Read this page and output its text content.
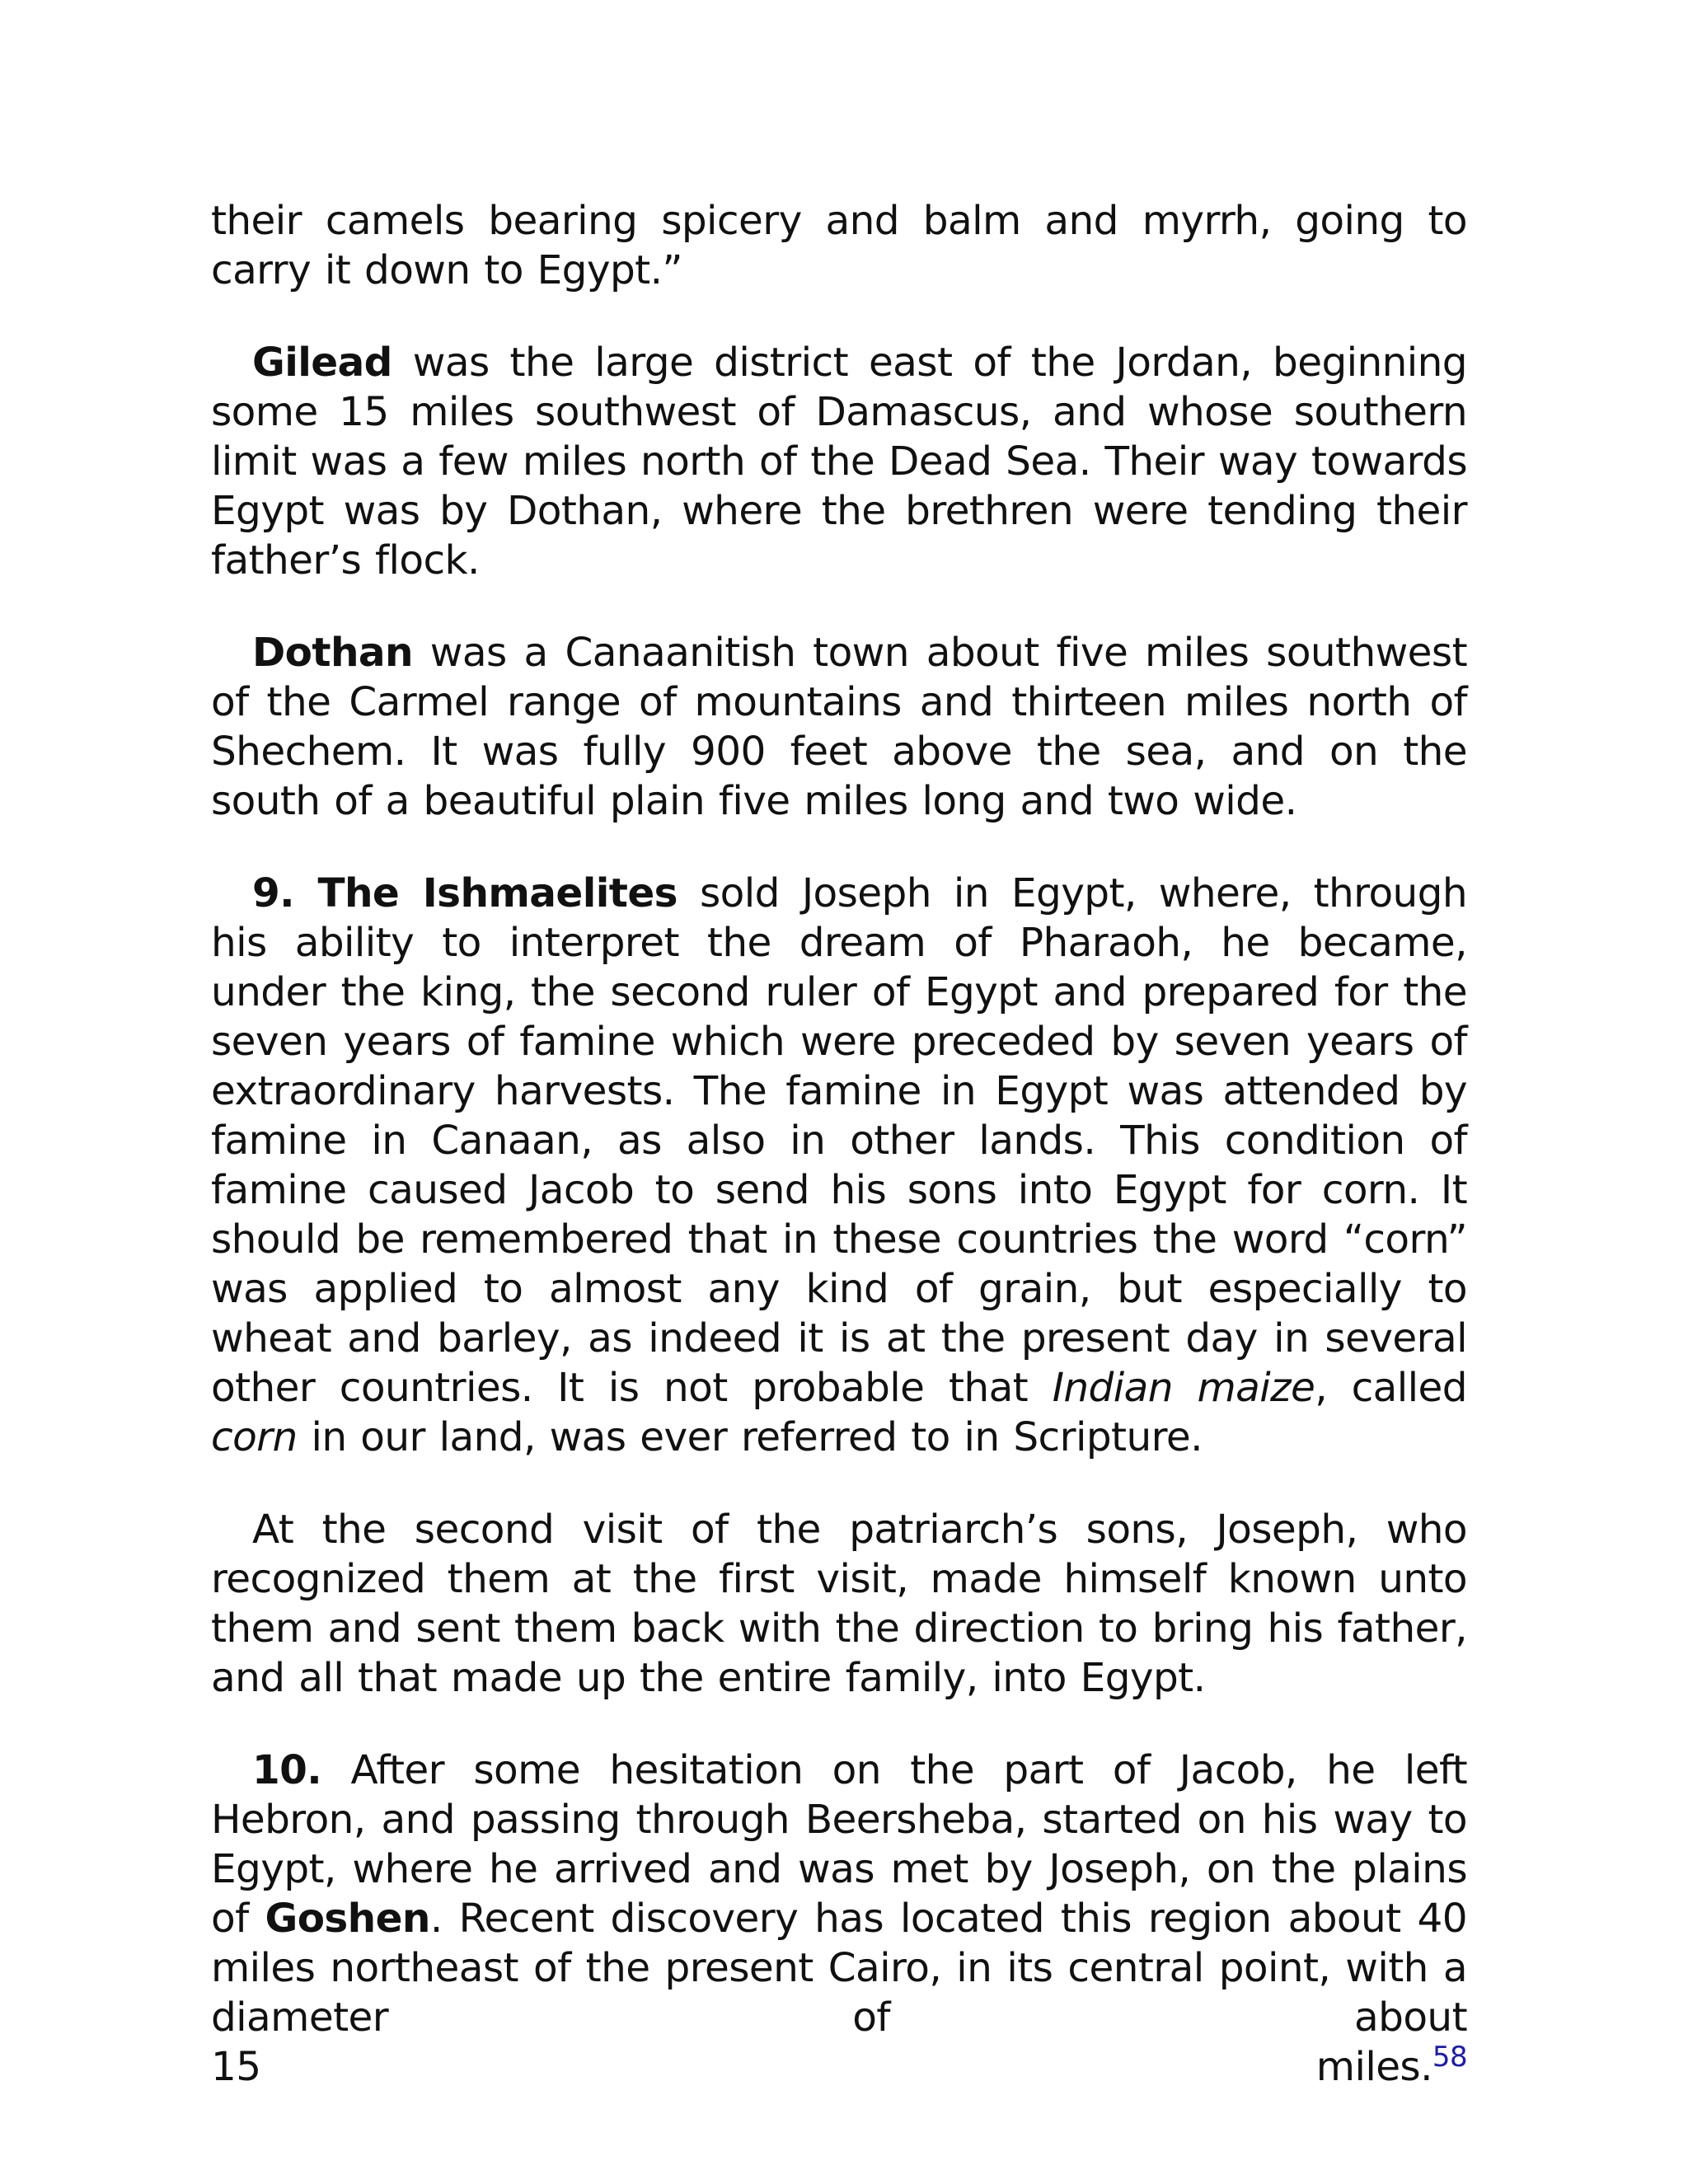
their camels bearing spicery and balm and myrrh, going to carry it down to Egypt.”

Gilead was the large district east of the Jordan, beginning some 15 miles southwest of Damascus, and whose southern limit was a few miles north of the Dead Sea. Their way towards Egypt was by Dothan, where the brethren were tending their father’s flock.

Dothan was a Canaanitish town about five miles southwest of the Carmel range of mountains and thirteen miles north of Shechem. It was fully 900 feet above the sea, and on the south of a beautiful plain five miles long and two wide.

9. The Ishmaelites sold Joseph in Egypt, where, through his ability to interpret the dream of Pharaoh, he became, under the king, the second ruler of Egypt and prepared for the seven years of famine which were preceded by seven years of extraordinary harvests. The famine in Egypt was attended by famine in Canaan, as also in other lands. This condition of famine caused Jacob to send his sons into Egypt for corn. It should be remembered that in these countries the word “corn” was applied to almost any kind of grain, but especially to wheat and barley, as indeed it is at the present day in several other countries. It is not probable that Indian maize, called corn in our land, was ever referred to in Scripture.

At the second visit of the patriarch’s sons, Joseph, who recognized them at the first visit, made himself known unto them and sent them back with the direction to bring his father, and all that made up the entire family, into Egypt.

10. After some hesitation on the part of Jacob, he left Hebron, and passing through Beersheba, started on his way to Egypt, where he arrived and was met by Joseph, on the plains of Goshen. Recent discovery has located this region about 40 miles northeast of the present Cairo, in its central point, with a diameter of about
15 miles.$^{58}$
